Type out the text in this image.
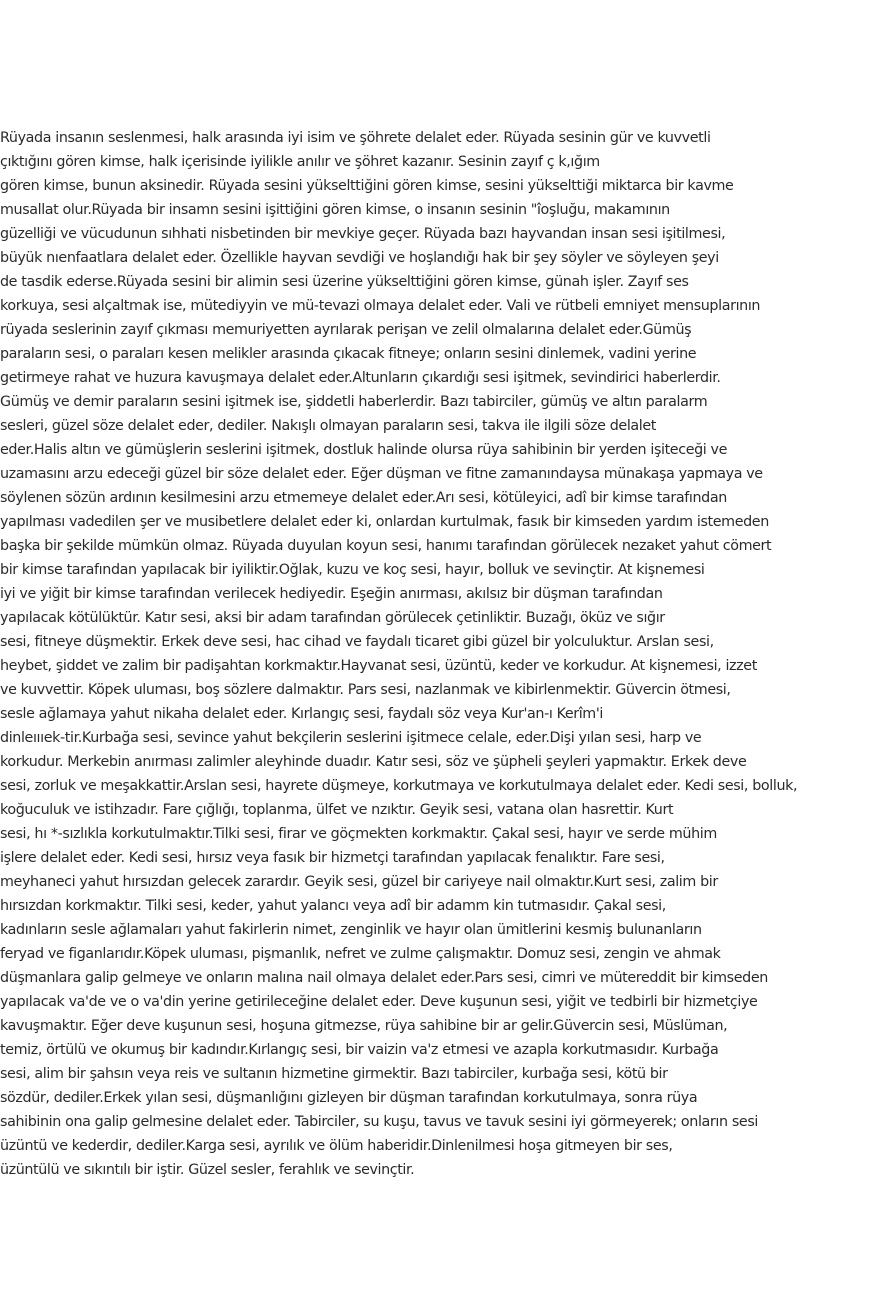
Rüyada insanın seslenmesi, halk arasında iyi isim ve şöhrete delalet eder. Rüyada sesinin gür ve kuvvetli
çıktığını gören kimse, halk içerisinde iyilikle anılır ve şöhret kazanır. Sesinin zayıf ç k,ığım
gören kimse, bunun aksinedir. Rüyada sesini yükselttiğini gören kimse, sesini yükselttiği miktarca bir kavme
musallat olur.Rüyada bir insamn sesini işittiğini gören kimse, o insanın sesinin "îoşluğu, makamının
güzelliği ve vücudunun sıhhati nisbetinden bir mevkiye geçer. Rüyada bazı hayvandan insan sesi işitilmesi,
büyük nıenfaatlara delalet eder. Özellikle hayvan sevdiği ve hoşlandığı hak bir şey söyler ve söyleyen şeyi
de tasdik ederse.Rüyada sesini bir alimin sesi üzerine yükselttiğini gören kimse, günah işler. Zayıf ses
korkuya, sesi alçaltmak ise, mütediyyin ve mü-tevazi olmaya delalet eder. Vali ve rütbeli emniyet mensuplarının
rüyada seslerinin zayıf çıkması memuriyetten ayrılarak perişan ve zelil olmalarına delalet eder.Gümüş
paraların sesi, o paraları kesen melikler arasında çıkacak fitneye; onların sesini dinlemek, vadini yerine
getirmeye rahat ve huzura kavuşmaya delalet eder.Altunların çıkardığı sesi işitmek, sevindirici haberlerdir.
Gümüş ve demir paraların sesini işitmek ise, şiddetli haberlerdir. Bazı tabirciler, gümüş ve altın paralarm
sesleri, güzel söze delalet eder, dediler. Nakışlı olmayan paraların sesi, takva ile ilgili söze delalet
eder.Halis altın ve gümüşlerin seslerini işitmek, dostluk halinde olursa rüya sahibinin bir yerden işiteceği ve
uzamasını arzu edeceği güzel bir söze delalet eder. Eğer düşman ve fitne zamanındaysa münakaşa yapmaya ve
söylenen sözün ardının kesilmesini arzu etmemeye delalet eder.Arı sesi, kötüleyici, adî bir kimse tarafından
yapılması vadedilen şer ve musibetlere delalet eder ki, onlardan kurtulmak, fasık bir kimseden yardım istemeden
başka bir şekilde mümkün olmaz. Rüyada duyulan koyun sesi, hanımı tarafından görülecek nezaket yahut cömert
bir kimse tarafından yapılacak bir iyiliktir.Oğlak, kuzu ve koç sesi, hayır, bolluk ve sevinçtir. At kişnemesi
iyi ve yiğit bir kimse tarafından verilecek hediyedir. Eşeğin anırması, akılsız bir düşman tarafından
yapılacak kötülüktür. Katır sesi, aksi bir adam tarafından görülecek çetinliktir. Buzağı, öküz ve sığır
sesi, fitneye düşmektir. Erkek deve sesi, hac cihad ve faydalı ticaret gibi güzel bir yolculuktur. Arslan sesi,
heybet, şiddet ve zalim bir padişahtan korkmaktır.Hayvanat sesi, üzüntü, keder ve korkudur. At kişnemesi, izzet
ve kuvvettir. Köpek uluması, boş sözlere dalmaktır. Pars sesi, nazlanmak ve kibirlenmektir. Güvercin ötmesi,
sesle ağlamaya yahut nikaha delalet eder. Kırlangıç sesi, faydalı söz veya Kur'an-ı Kerîm'i
dinleıııek-tir.Kurbağa sesi, sevince yahut bekçilerin seslerini işitmece celale, eder.Dişi yılan sesi, harp ve
korkudur. Merkebin anırması zalimler aleyhinde duadır. Katır sesi, söz ve şüpheli şeyleri yapmaktır. Erkek deve
sesi, zorluk ve meşakkattir.Arslan sesi, hayrete düşmeye, korkutmaya ve korkutulmaya delalet eder. Kedi sesi, bolluk,
koğuculuk ve istihzadır. Fare çığlığı, toplanma, ülfet ve nzıktır. Geyik sesi, vatana olan hasrettir. Kurt
sesi, hı *-sızlıkla korkutulmaktır.Tilki sesi, firar ve göçmekten korkmaktır. Çakal sesi, hayır ve serde mühim
işlere delalet eder. Kedi sesi, hırsız veya fasık bir hizmetçi tarafından yapılacak fenalıktır. Fare sesi,
meyhaneci yahut hırsızdan gelecek zarardır. Geyik sesi, güzel bir cariyeye nail olmaktır.Kurt sesi, zalim bir
hırsızdan korkmaktır. Tilki sesi, keder, yahut yalancı veya adî bir adamm kin tutmasıdır. Çakal sesi,
kadınların sesle ağlamaları yahut fakirlerin nimet, zenginlik ve hayır olan ümitlerini kesmiş bulunanların
feryad ve figanlarıdır.Köpek uluması, pişmanlık, nefret ve zulme çalışmaktır. Domuz sesi, zengin ve ahmak
düşmanlara galip gelmeye ve onların malına nail olmaya delalet eder.Pars sesi, cimri ve mütereddit bir kimseden
yapılacak va'de ve o va'din yerine getirileceğine delalet eder. Deve kuşunun sesi, yiğit ve tedbirli bir hizmetçiye
kavuşmaktır. Eğer deve kuşunun sesi, hoşuna gitmezse, rüya sahibine bir ar gelir.Güvercin sesi, Müslüman,
temiz, örtülü ve okumuş bir kadındır.Kırlangıç sesi, bir vaizin va'z etmesi ve azapla korkutmasıdır. Kurbağa
sesi, alim bir şahsın veya reis ve sultanın hizmetine girmektir. Bazı tabirciler, kurbağa sesi, kötü bir
sözdür, dediler.Erkek yılan sesi, düşmanlığını gizleyen bir düşman tarafından korkutulmaya, sonra rüya
sahibinin ona galip gelmesine delalet eder. Tabirciler, su kuşu, tavus ve tavuk sesini iyi görmeyerek; onların sesi
üzüntü ve kederdir, dediler.Karga sesi, ayrılık ve ölüm haberidir.Dinlenilmesi hoşa gitmeyen bir ses,
üzüntülü ve sıkıntılı bir iştir. Güzel sesler, ferahlık ve sevinçtir.
